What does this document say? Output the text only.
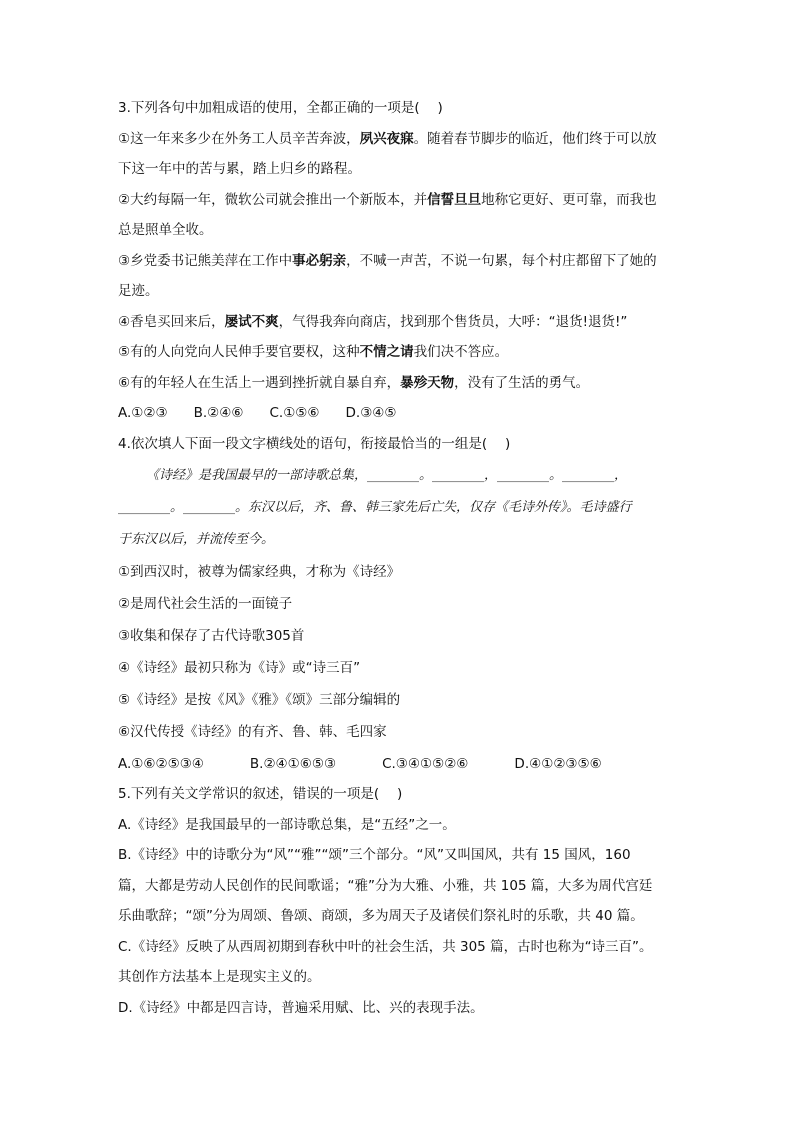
3.下列各句中加粗成语的使用，全都正确的一项是(　 )

①这一年来多少在外务工人员辛苦奔波，夙兴夜寐。随着春节脚步的临近，他们终于可以放

下这一年中的苦与累，踏上归乡的路程。

②大约每隔一年，微软公司就会推出一个新版本，并信誓旦旦地称它更好、更可靠，而我也

总是照单全收。

③乡党委书记熊美萍在工作中事必躬亲，不喊一声苦，不说一句累，每个村庄都留下了她的

足迹。

④香皂买回来后，屡试不爽，气得我奔向商店，找到那个售货员，大呼：“退货!退货!”

⑤有的人向党向人民伸手要官要权，这种不情之请我们决不答应。

⑥有的年轻人在生活上一遇到挫折就自暴自弃，暴殄天物，没有了生活的勇气。

A.①②③ B.②④⑥ C.①⑤⑥ D.③④⑤

4.依次填人下面一段文字横线处的语句，衔接最恰当的一组是(　 )

《诗经》是我国最早的一部诗歌总集，________。________，________。________，

________。________。东汉以后，齐、鲁、韩三家先后亡失，仅存《毛诗外传》。毛诗盛行

于东汉以后，并流传至今。

①到西汉时，被尊为儒家经典，才称为《诗经》

②是周代社会生活的一面镜子

③收集和保存了古代诗歌305首

④《诗经》最初只称为《诗》或“诗三百”

⑤《诗经》是按《风》《雅》《颂》三部分编辑的

⑥汉代传授《诗经》的有齐、鲁、韩、毛四家

A.①⑥②⑤③④	B.②④①⑥⑤③	C.③④①⑤②⑥	D.④①②③⑤⑥

5.下列有关文学常识的叙述，错误的一项是(　 )

A.《诗经》是我国最早的一部诗歌总集，是“五经”之一。

B.《诗经》中的诗歌分为“风”“雅”“颂”三个部分。“风”又叫国风，共有 15 国风，160

篇，大都是劳动人民创作的民间歌谣；“雅”分为大雅、小雅，共 105 篇，大多为周代宫廷

乐曲歌辞；“颂”分为周颂、鲁颂、商颂，多为周天子及诸侯们祭礼时的乐歌，共 40 篇。

C.《诗经》反映了从西周初期到春秋中叶的社会生活，共 305 篇，古时也称为“诗三百”。

其创作方法基本上是现实主义的。

D.《诗经》中都是四言诗，普遍采用赋、比、兴的表现手法。
